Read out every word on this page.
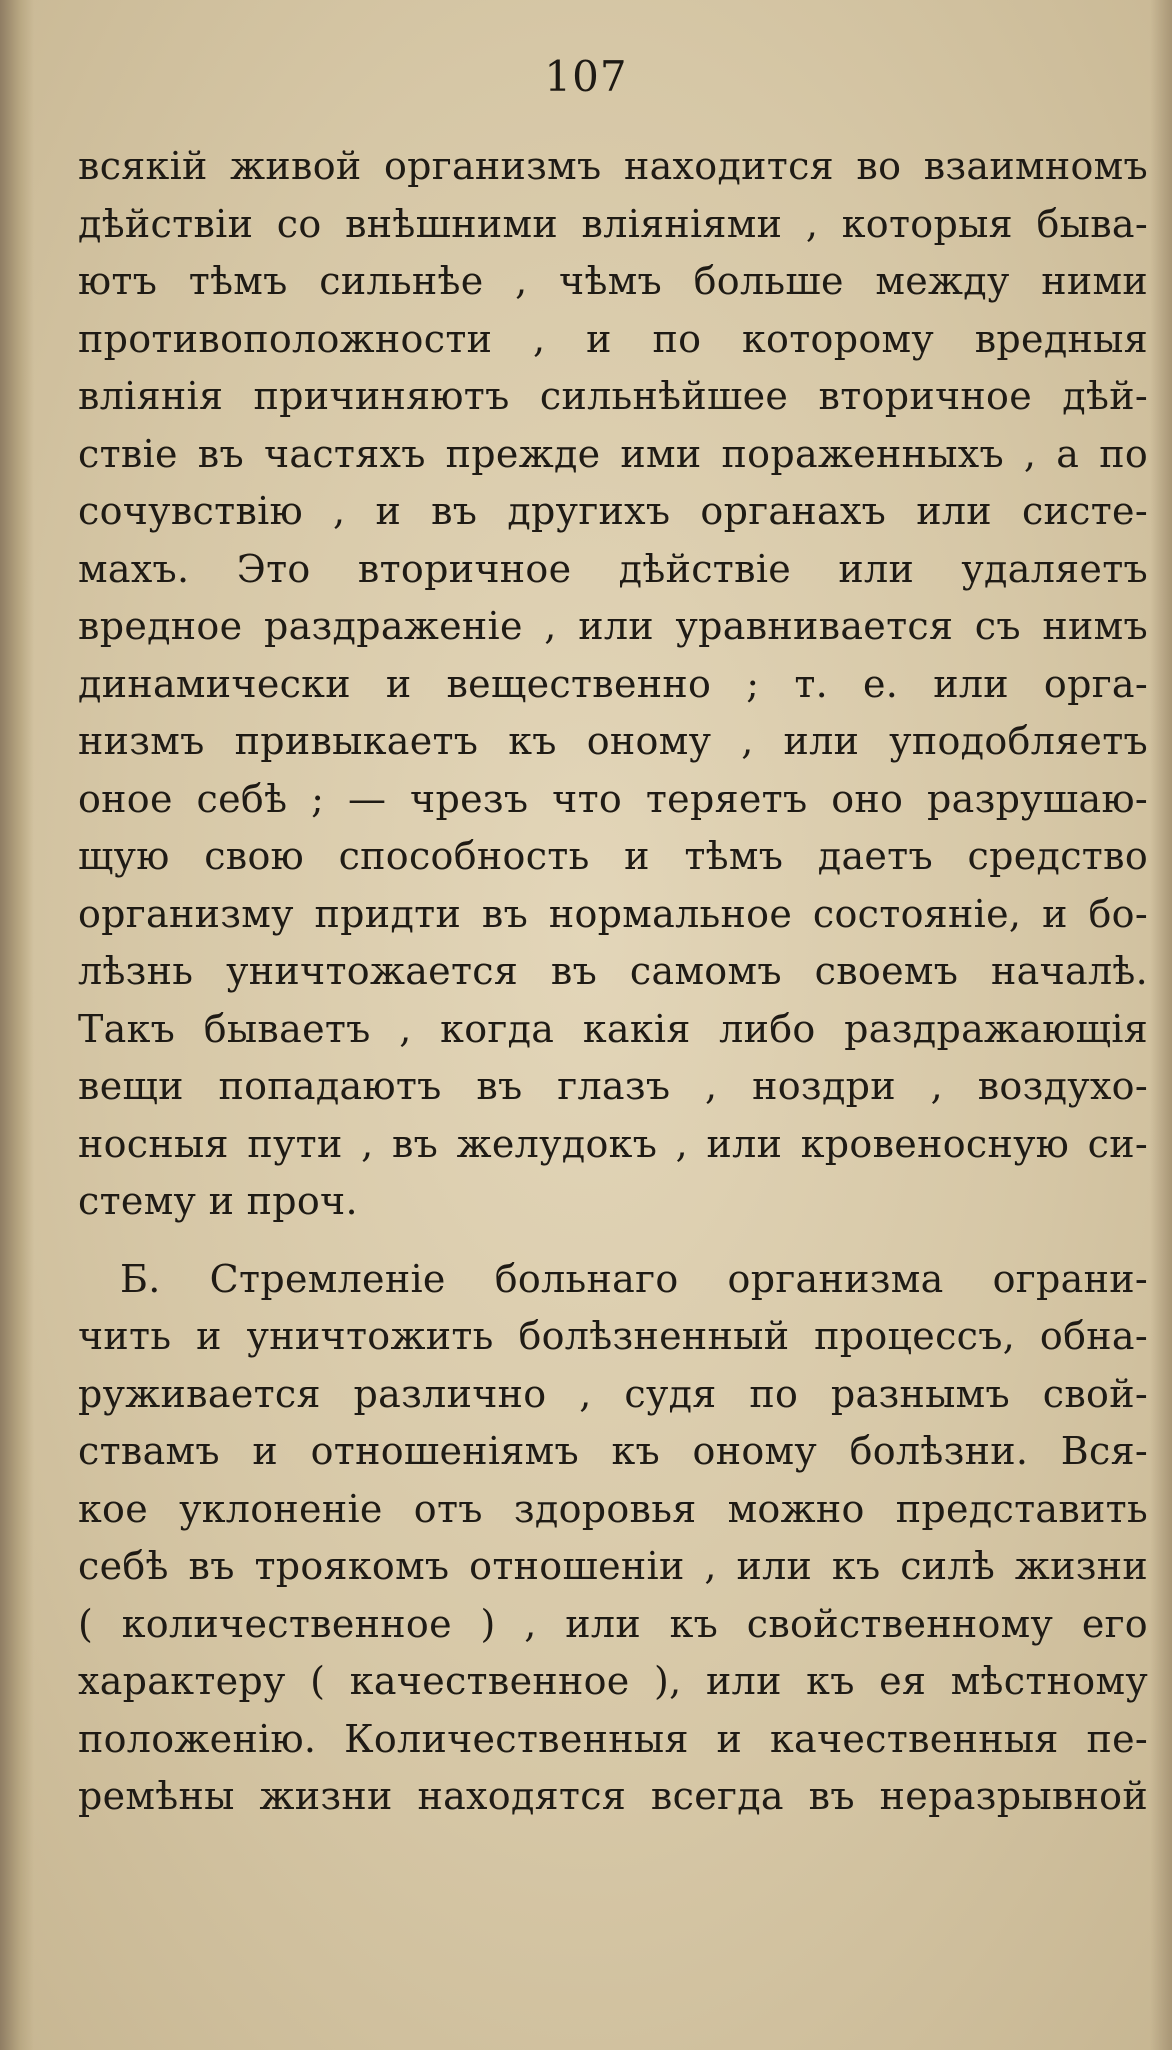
107
всякій живой организмъ находится во взаимномъ
дѣйствіи со внѣшними вліяніями , которыя быва-
ютъ тѣмъ сильнѣе , чѣмъ больше между ними
противоположности , и по которому вредныя
вліянія причиняютъ сильнѣйшее вторичное дѣй-
ствіе въ частяхъ прежде ими пораженныхъ , а по
сочувствію , и въ другихъ органахъ или систе-
махъ. Это вторичное дѣйствіе или удаляетъ
вредное раздраженіе , или уравнивается съ нимъ
динамически и вещественно ; т. е. или орга-
низмъ привыкаетъ къ оному , или уподобляетъ
оное себѣ ; — чрезъ что теряетъ оно разрушаю-
щую свою способность и тѣмъ даетъ средство
организму придти въ нормальное состояніе, и бо-
лѣзнь уничтожается въ самомъ своемъ началѣ.
Такъ бываетъ , когда какія либо раздражающія
вещи попадаютъ въ глазъ , ноздри , воздухо-
носныя пути , въ желудокъ , или кровеносную си-
стему и проч.
Б. Стремленіе больнаго организма ограни-
чить и уничтожить болѣзненный процессъ, обна-
руживается различно , судя по разнымъ свой-
ствамъ и отношеніямъ къ оному болѣзни. Вся-
кое уклоненіе отъ здоровья можно представить
себѣ въ трояκомъ отношеніи , или къ силѣ жизни
( количественное ) , или къ свойственному его
характеру ( качественное ), или къ ея мѣстному
положенію. Количественныя и качественныя пе-
ремѣны жизни находятся всегда въ неразрывной
